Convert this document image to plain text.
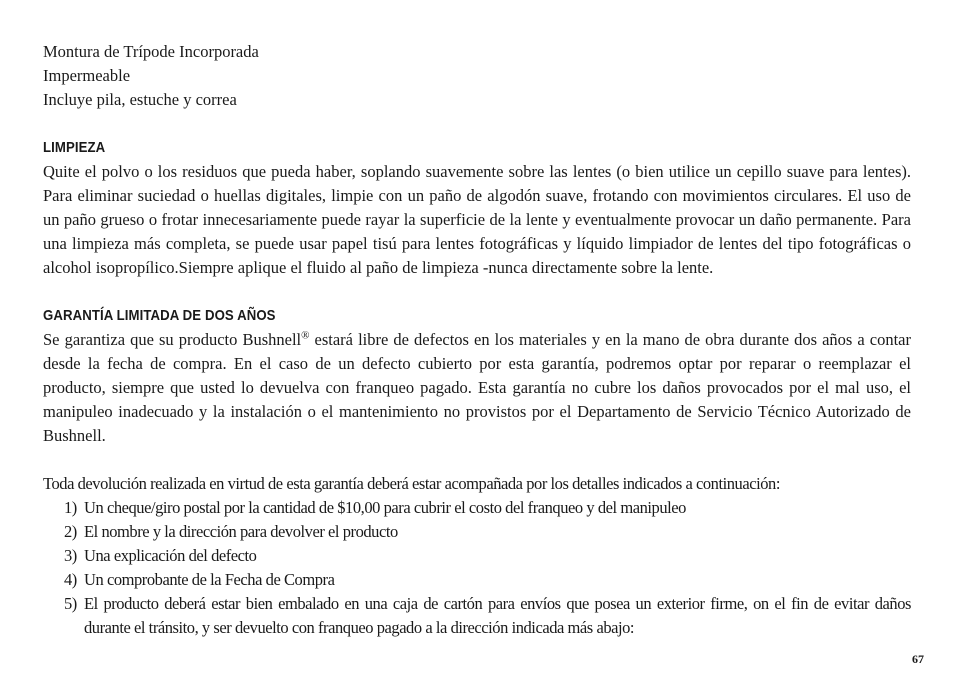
Montura de Trípode Incorporada
Impermeable
Incluye pila, estuche y correa
LIMPIEZA

Quite el polvo o los residuos que pueda haber, soplando suavemente sobre las lentes (o bien utilice un cepillo suave para lentes). Para eliminar suciedad o huellas digitales, limpie con un paño de algodón suave, frotando con movimientos circulares. El uso de un paño grueso o frotar innecesariamente puede rayar la superficie de la lente y eventualmente provocar un daño permanente. Para una limpieza más completa, se puede usar papel tisú para lentes fotográficas y líquido limpiador de lentes del tipo fotográficas o alcohol isopropílico.Siempre aplique el fluido al paño de limpieza -nunca directamente sobre la lente.

GARANTÍA LIMITADA DE DOS AÑOS

Se garantiza que su producto Bushnell® estará libre de defectos en los materiales y en la mano de obra durante dos años a contar desde la fecha de compra. En el caso de un defecto cubierto por esta garantía, podremos optar por reparar o reemplazar el producto, siempre que usted lo devuelva con franqueo pagado. Esta garantía no cubre los daños provocados por el mal uso, el manipuleo inadecuado y la instalación o el mantenimiento no provistos por el Departamento de Servicio Técnico Autorizado de Bushnell.

Toda devolución realizada en virtud de esta garantía deberá estar acompañada por los detalles indicados a continuación:

1) Un cheque/giro postal por la cantidad de $10,00 para cubrir el costo del franqueo y del manipuleo
2) El nombre y la dirección para devolver el producto
3) Una explicación del defecto
4) Un comprobante de la Fecha de Compra
5) El producto deberá estar bien embalado en una caja de cartón para envíos que posea un exterior firme, on el fin de evitar daños durante el tránsito, y ser devuelto con franqueo pagado a la dirección indicada más abajo:
67
